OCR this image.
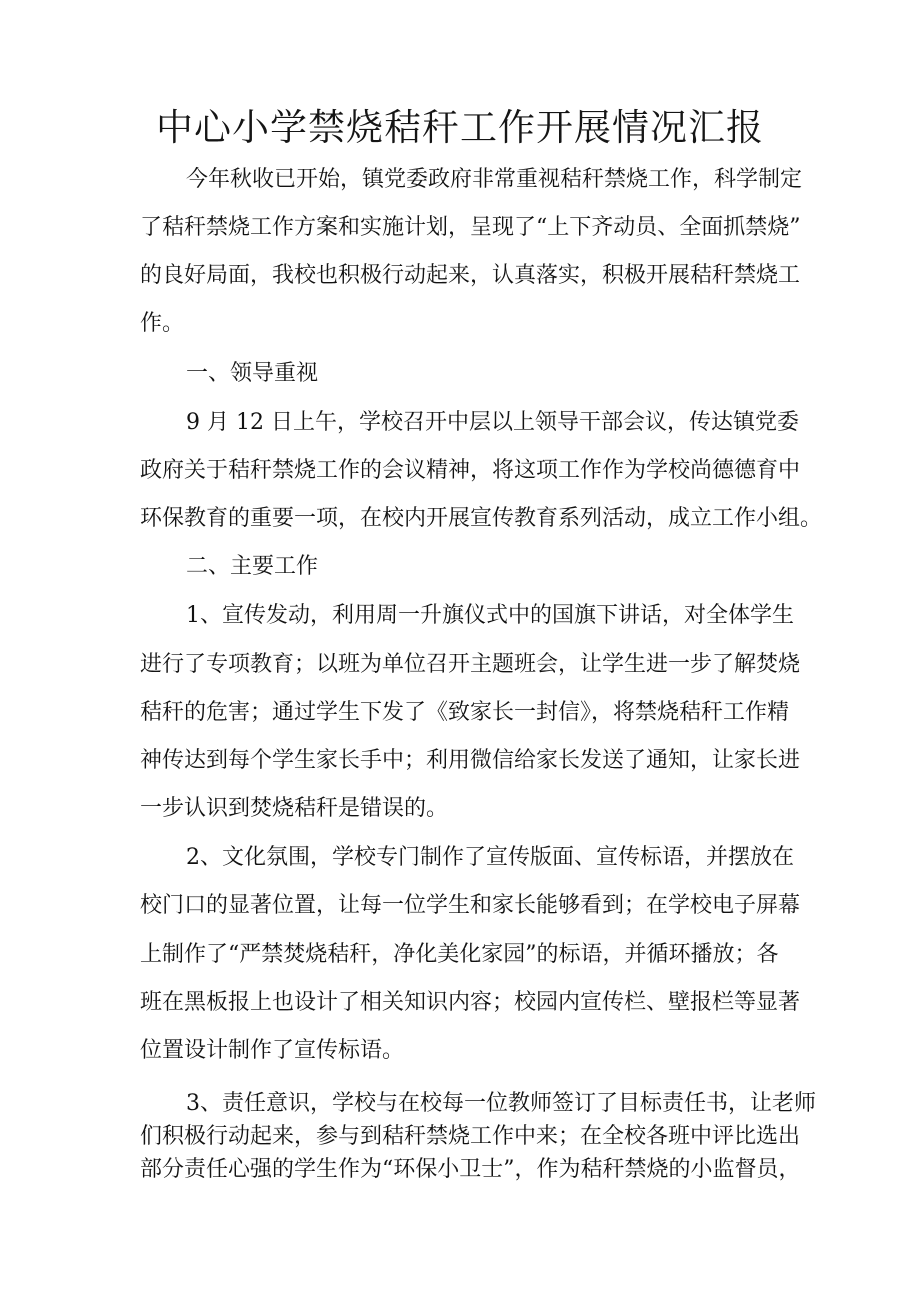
中心小学禁烧秸秆工作开展情况汇报
今年秋收已开始，镇党委政府非常重视秸秆禁烧工作，科学制定
了秸秆禁烧工作方案和实施计划，呈现了“上下齐动员、全面抓禁烧”
的良好局面，我校也积极行动起来，认真落实，积极开展秸秆禁烧工
作。
一、领导重视
9 月 12 日上午，学校召开中层以上领导干部会议，传达镇党委
政府关于秸秆禁烧工作的会议精神，将这项工作作为学校尚德德育中
环保教育的重要一项，在校内开展宣传教育系列活动，成立工作小组。
二、主要工作
1、宣传发动，利用周一升旗仪式中的国旗下讲话，对全体学生
进行了专项教育；以班为单位召开主题班会，让学生进一步了解焚烧
秸秆的危害；通过学生下发了《致家长一封信》，将禁烧秸秆工作精
神传达到每个学生家长手中；利用微信给家长发送了通知，让家长进
一步认识到焚烧秸秆是错误的。
2、文化氛围，学校专门制作了宣传版面、宣传标语，并摆放在
校门口的显著位置，让每一位学生和家长能够看到；在学校电子屏幕
上制作了“严禁焚烧秸秆，净化美化家园”的标语，并循环播放；各
班在黑板报上也设计了相关知识内容；校园内宣传栏、壁报栏等显著
位置设计制作了宣传标语。
3、责任意识，学校与在校每一位教师签订了目标责任书，让老师
们积极行动起来，参与到秸秆禁烧工作中来；在全校各班中评比选出
部分责任心强的学生作为“环保小卫士”，作为秸秆禁烧的小监督员，
